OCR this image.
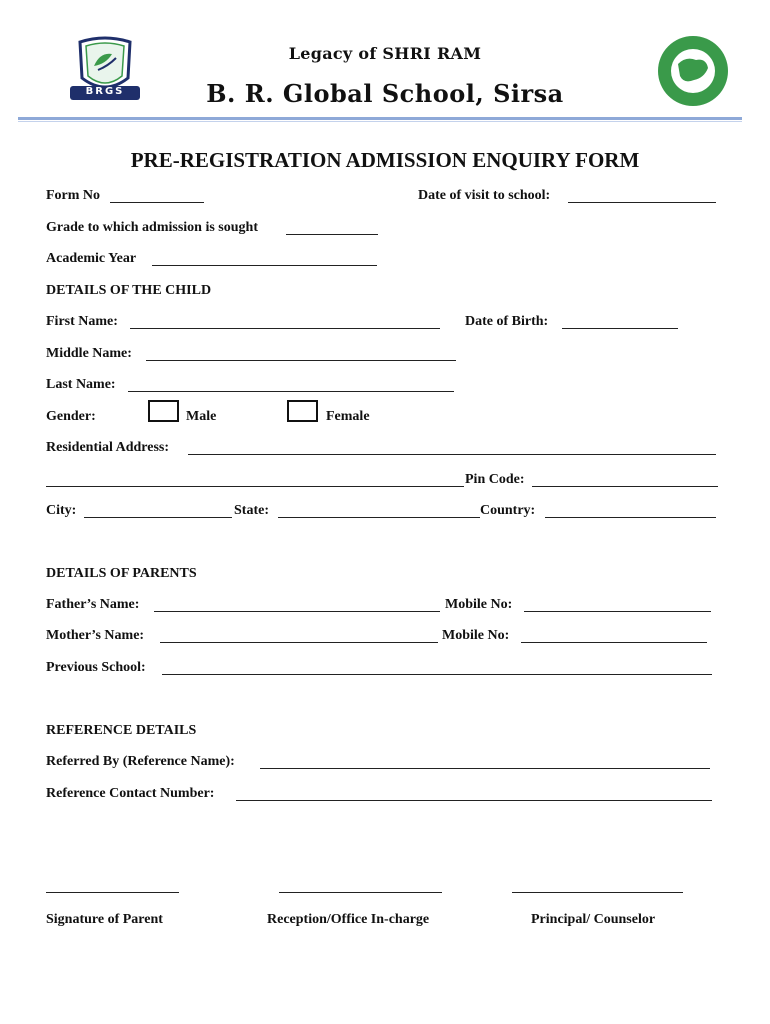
Legacy of SHRI RAM
B. R. Global School, Sirsa
BRGS
PRE-REGISTRATION ADMISSION ENQUIRY FORM
Form No	Date of visit to school:
Grade to which admission is sought
Academic Year
DETAILS OF THE CHILD
First Name:	Date of Birth:
Middle Name:
Last Name:
Gender:	Male	Female
Residential Address:
Pin Code:
City:	State:	Country:
DETAILS OF PARENTS
Father’s Name:	Mobile No:
Mother’s Name:	Mobile No:
Previous School:
REFERENCE DETAILS
Referred By (Reference Name):
Reference Contact Number:
Signature of Parent	Reception/Office In-charge	Principal/ Counselor
